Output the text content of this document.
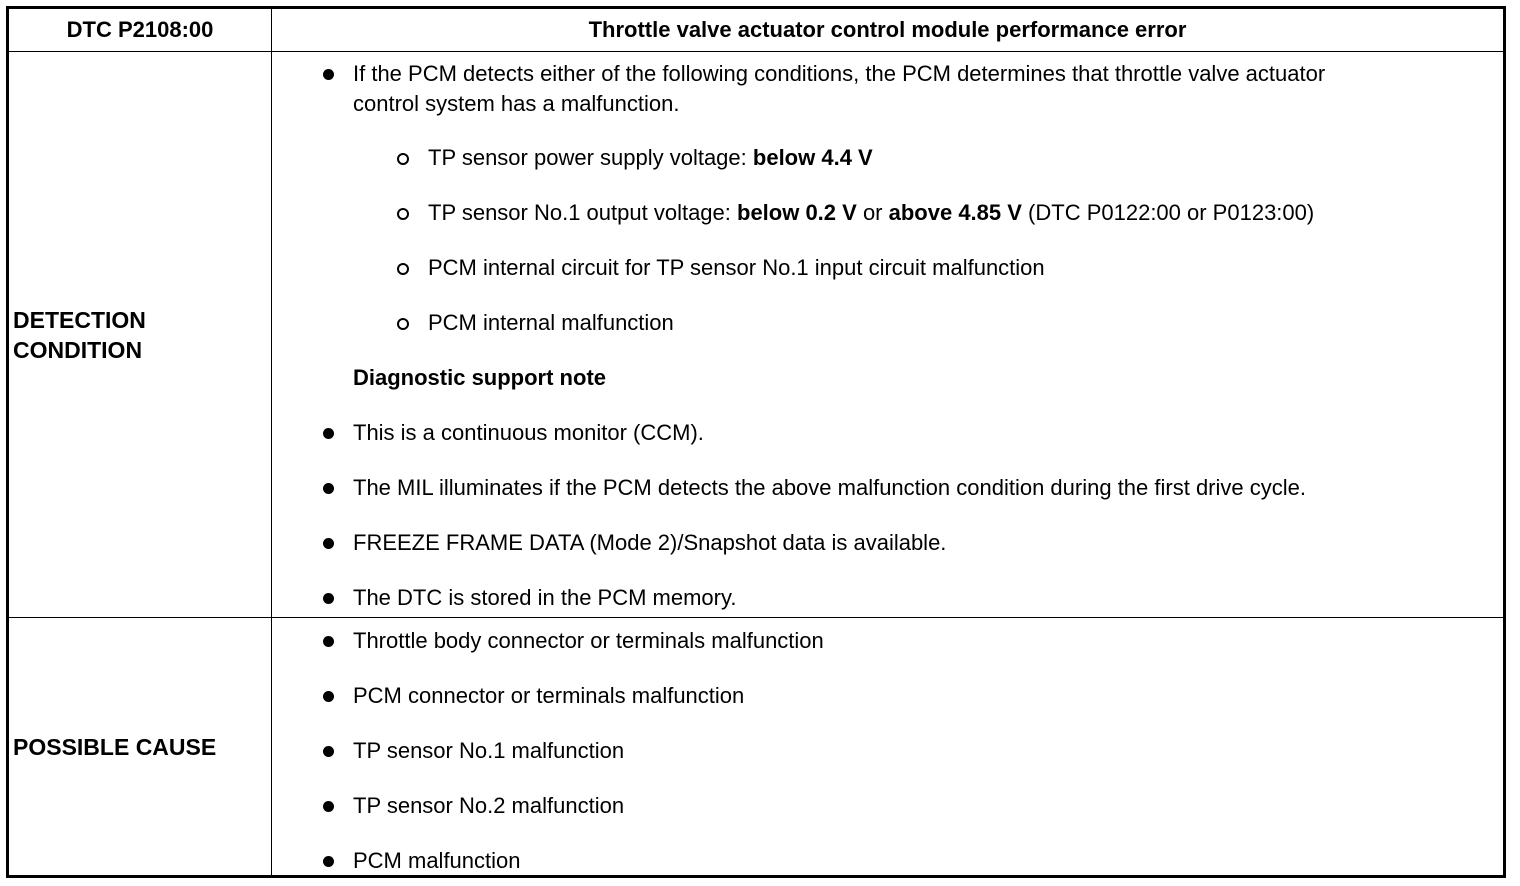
DTC P2108:00	Throttle valve actuator control module performance error
DETECTION
CONDITION
If the PCM detects either of the following conditions, the PCM determines that throttle valve actuator
control system has a malfunction.
TP sensor power supply voltage: below 4.4 V
TP sensor No.1 output voltage: below 0.2 V or above 4.85 V (DTC P0122:00 or P0123:00)
PCM internal circuit for TP sensor No.1 input circuit malfunction
PCM internal malfunction
Diagnostic support note
This is a continuous monitor (CCM).
The MIL illuminates if the PCM detects the above malfunction condition during the first drive cycle.
FREEZE FRAME DATA (Mode 2)/Snapshot data is available.
The DTC is stored in the PCM memory.
POSSIBLE CAUSE
Throttle body connector or terminals malfunction
PCM connector or terminals malfunction
TP sensor No.1 malfunction
TP sensor No.2 malfunction
PCM malfunction
